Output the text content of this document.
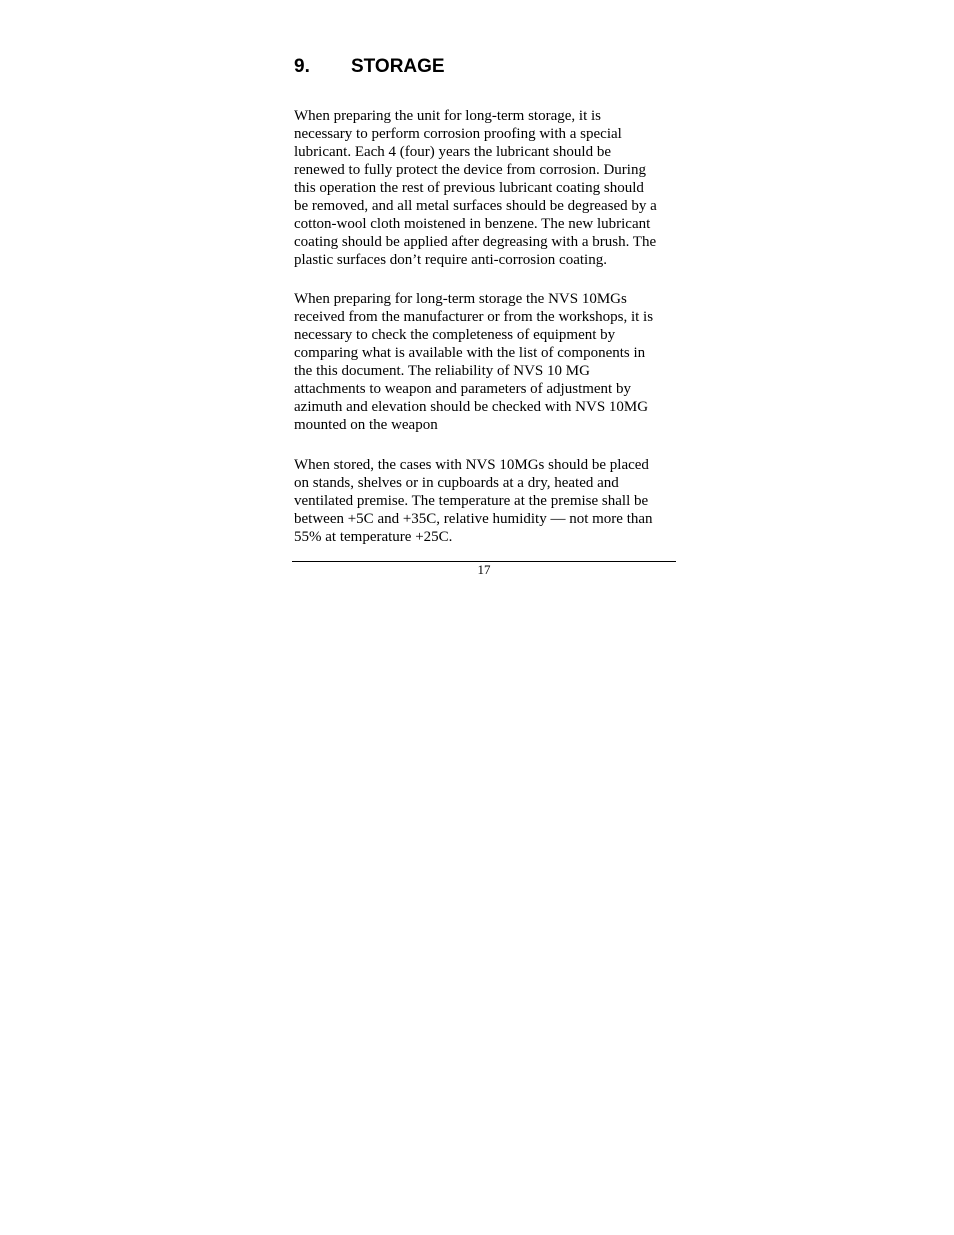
9. STORAGE

When preparing the unit for long-term storage, it is
necessary to perform corrosion proofing with a special
lubricant. Each 4 (four) years the lubricant should be
renewed to fully protect the device from corrosion. During
this operation the rest of previous lubricant coating should
be removed, and all metal surfaces should be degreased by a
cotton-wool cloth moistened in benzene. The new lubricant
coating should be applied after degreasing with a brush. The
plastic surfaces don’t require anti-corrosion coating.

When preparing for long-term storage the NVS 10MGs
received from the manufacturer or from the workshops, it is
necessary to check the completeness of equipment by
comparing what is available with the list of components in
the this document. The reliability of NVS 10 MG
attachments to weapon and parameters of adjustment by
azimuth and elevation should be checked with NVS 10MG
mounted on the weapon

When stored, the cases with NVS 10MGs should be placed
on stands, shelves or in cupboards at a dry, heated and
ventilated premise. The temperature at the premise shall be
between +5C and +35C, relative humidity — not more than
55% at temperature +25C.

17
